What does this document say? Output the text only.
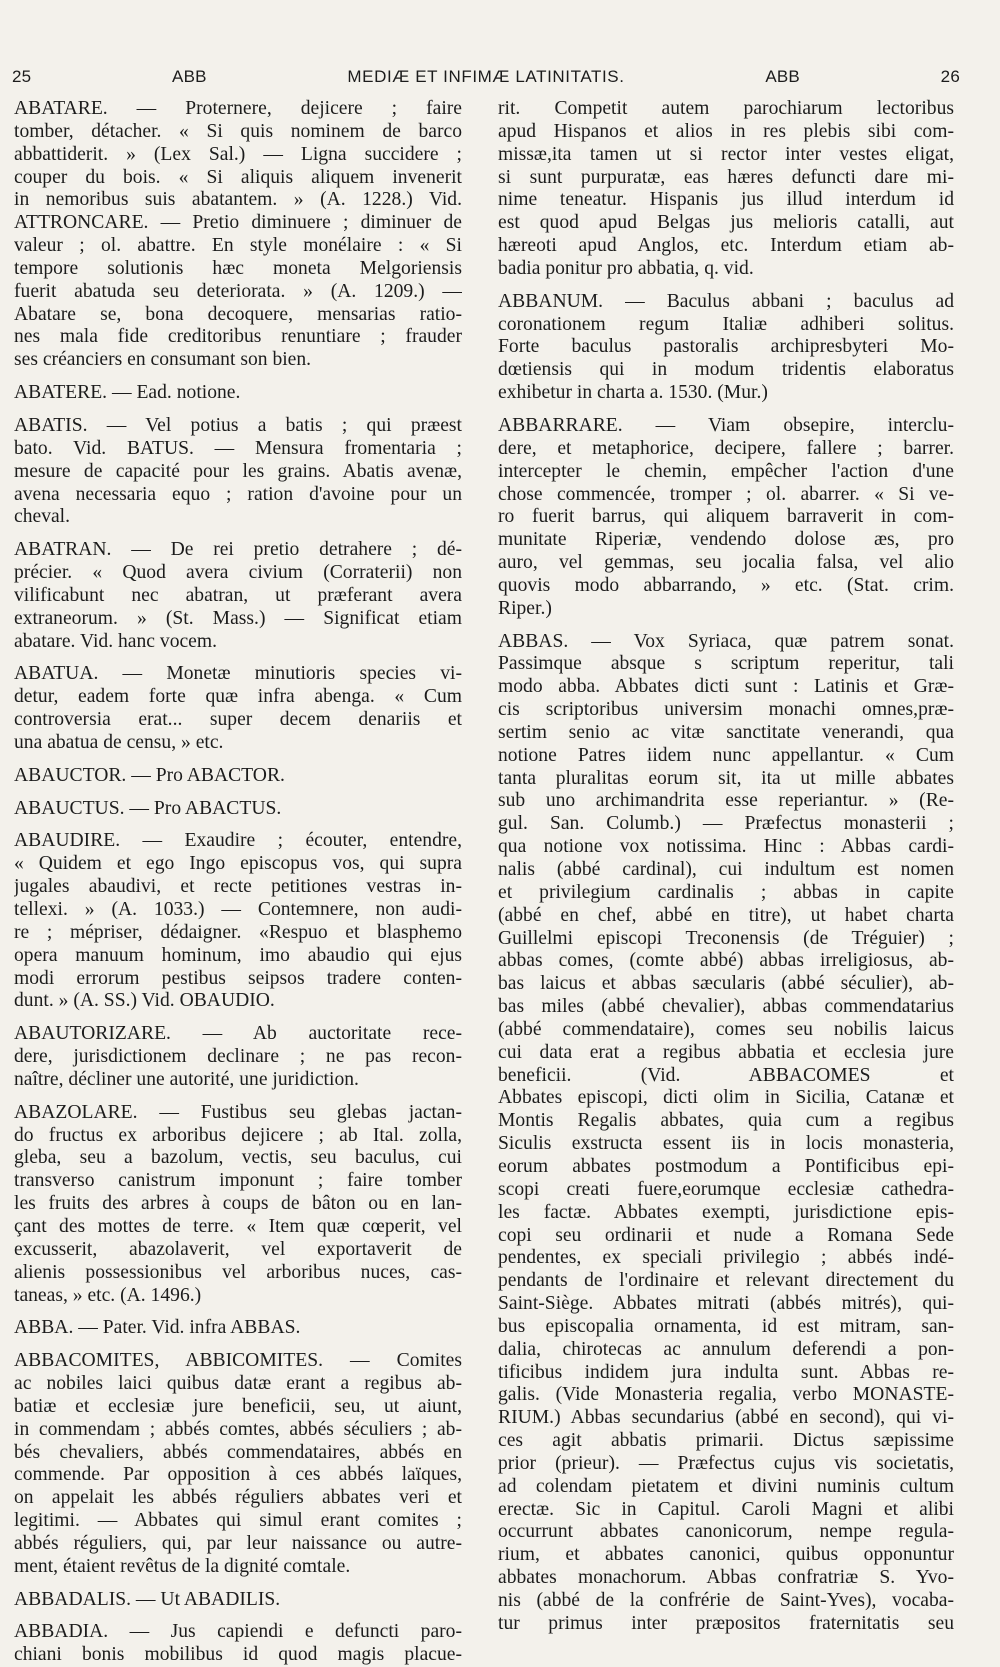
25	ABB	MEDIÆ ET INFIMÆ LATINITATIS.	ABB	26
ABATARE. — Proternere, dejicere ; faire
tomber, détacher. « Si quis nominem de barco
abbattiderit. » (Lex Sal.) — Ligna succidere ;
couper du bois. « Si aliquis aliquem invenerit
in nemoribus suis abatantem. » (A. 1228.) Vid.
ATTRONCARE. — Pretio diminuere ; diminuer de
valeur ; ol. abattre. En style monélaire : « Si
tempore solutionis hæc moneta Melgoriensis
fuerit abatuda seu deteriorata. » (A. 1209.) —
Abatare se, bona decoquere, mensarias ratio-
nes mala fide creditoribus renuntiare ; frauder
ses créanciers en consumant son bien.
ABATERE. — Ead. notione.
ABATIS. — Vel potius a batis ; qui præest
bato. Vid. BATUS. — Mensura fromentaria ;
mesure de capacité pour les grains. Abatis avenæ,
avena necessaria equo ; ration d'avoine pour un
cheval.
ABATRAN. — De rei pretio detrahere ; dé-
précier. « Quod avera civium (Corraterii) non
vilificabunt nec abatran, ut præferant avera
extraneorum. » (St. Mass.) — Significat etiam
abatare. Vid. hanc vocem.
ABATUA. — Monetæ minutioris species vi-
detur, eadem forte quæ infra abenga. « Cum
controversia erat... super decem denariis et
una abatua de censu, » etc.
ABAUCTOR. — Pro ABACTOR.
ABAUCTUS. — Pro ABACTUS.
ABAUDIRE. — Exaudire ; écouter, entendre,
« Quidem et ego Ingo episcopus vos, qui supra
jugales abaudivi, et recte petitiones vestras in-
tellexi. » (A. 1033.) — Contemnere, non audi-
re ; mépriser, dédaigner. «Respuo et blasphemo
opera manuum hominum, imo abaudio qui ejus
modi errorum pestibus seipsos tradere conten-
dunt. » (A. SS.) Vid. OBAUDIO.
ABAUTORIZARE. — Ab auctoritate rece-
dere, jurisdictionem declinare ; ne pas recon-
naître, décliner une autorité, une juridiction.
ABAZOLARE. — Fustibus seu glebas jactan-
do fructus ex arboribus dejicere ; ab Ital. zolla,
gleba, seu a bazolum, vectis, seu baculus, cui
transverso canistrum imponunt ; faire tomber
les fruits des arbres à coups de bâton ou en lan-
çant des mottes de terre. « Item quæ cœperit, vel
excusserit, abazolaverit, vel exportaverit de
alienis possessionibus vel arboribus nuces, cas-
taneas, » etc. (A. 1496.)
ABBA. — Pater. Vid. infra ABBAS.
ABBACOMITES, ABBICOMITES. — Comites
ac nobiles laici quibus datæ erant a regibus ab-
batiæ et ecclesiæ jure beneficii, seu, ut aiunt,
in commendam ; abbés comtes, abbés séculiers ; ab-
bés chevaliers, abbés commendataires, abbés en
commende. Par opposition à ces abbés laïques,
on appelait les abbés réguliers abbates veri et
legitimi. — Abbates qui simul erant comites ;
abbés réguliers, qui, par leur naissance ou autre-
ment, étaient revêtus de la dignité comtale.
ABBADALIS. — Ut ABADILIS.
ABBADIA. — Jus capiendi e defuncti paro-
chiani bonis mobilibus id quod magis placue-
rit. Competit autem parochiarum lectoribus
apud Hispanos et alios in res plebis sibi com-
missæ,ita tamen ut si rector inter vestes eligat,
si sunt purpuratæ, eas hæres defuncti dare mi-
nime teneatur. Hispanis jus illud interdum id
est quod apud Belgas jus melioris catalli, aut
hæreoti apud Anglos, etc. Interdum etiam ab-
badia ponitur pro abbatia, q. vid.
ABBANUM. — Baculus abbani ; baculus ad
coronationem regum Italiæ adhiberi solitus.
Forte baculus pastoralis archipresbyteri Mo-
dœtiensis qui in modum tridentis elaboratus
exhibetur in charta a. 1530. (Mur.)
ABBARRARE. — Viam obsepire, interclu-
dere, et metaphorice, decipere, fallere ; barrer.
intercepter le chemin, empêcher l'action d'une
chose commencée, tromper ; ol. abarrer. « Si ve-
ro fuerit barrus, qui aliquem barraverit in com-
munitate Riperiæ, vendendo dolose æs, pro
auro, vel gemmas, seu jocalia falsa, vel alio
quovis modo abbarrando, » etc. (Stat. crim.
Riper.)
ABBAS. — Vox Syriaca, quæ patrem sonat.
Passimque absque s scriptum reperitur, tali
modo abba. Abbates dicti sunt : Latinis et Græ-
cis scriptoribus universim monachi omnes,præ-
sertim senio ac vitæ sanctitate venerandi, qua
notione Patres iidem nunc appellantur. « Cum
tanta pluralitas eorum sit, ita ut mille abbates
sub uno archimandrita esse reperiantur. » (Re-
gul. San. Columb.) — Præfectus monasterii ;
qua notione vox notissima. Hinc : Abbas cardi-
nalis (abbé cardinal), cui indultum est nomen
et privilegium cardinalis ; abbas in capite
(abbé en chef, abbé en titre), ut habet charta
Guillelmi episcopi Treconensis (de Tréguier) ;
abbas comes, (comte abbé) abbas irreligiosus, ab-
bas laicus et abbas sæcularis (abbé séculier), ab-
bas miles (abbé chevalier), abbas commendatarius
(abbé commendataire), comes seu nobilis laicus
cui data erat a regibus abbatia et ecclesia jure
beneficii. (Vid. ABBACOMES et
Abbates episcopi, dicti olim in Sicilia, Catanæ et
Montis Regalis abbates, quia cum a regibus
Siculis exstructa essent iis in locis monasteria,
eorum abbates postmodum a Pontificibus epi-
scopi creati fuere,eorumque ecclesiæ cathedra-
les factæ. Abbates exempti, jurisdictione epis-
copi seu ordinarii et nude a Romana Sede
pendentes, ex speciali privilegio ; abbés indé-
pendants de l'ordinaire et relevant directement du
Saint-Siège. Abbates mitrati (abbés mitrés), qui-
bus episcopalia ornamenta, id est mitram, san-
dalia, chirotecas ac annulum deferendi a pon-
tificibus indidem jura indulta sunt. Abbas re-
galis. (Vide Monasteria regalia, verbo MONASTE-
RIUM.) Abbas secundarius (abbé en second), qui vi-
ces agit abbatis primarii. Dictus sæpissime
prior (prieur). — Præfectus cujus vis societatis,
ad colendam pietatem et divini numinis cultum
erectæ. Sic in Capitul. Caroli Magni et alibi
occurrunt abbates canonicorum, nempe regula-
rium, et abbates canonici, quibus opponuntur
abbates monachorum. Abbas confratriæ S. Yvo-
nis (abbé de la confrérie de Saint-Yves), vocaba-
tur primus inter præpositos fraternitatis seu
